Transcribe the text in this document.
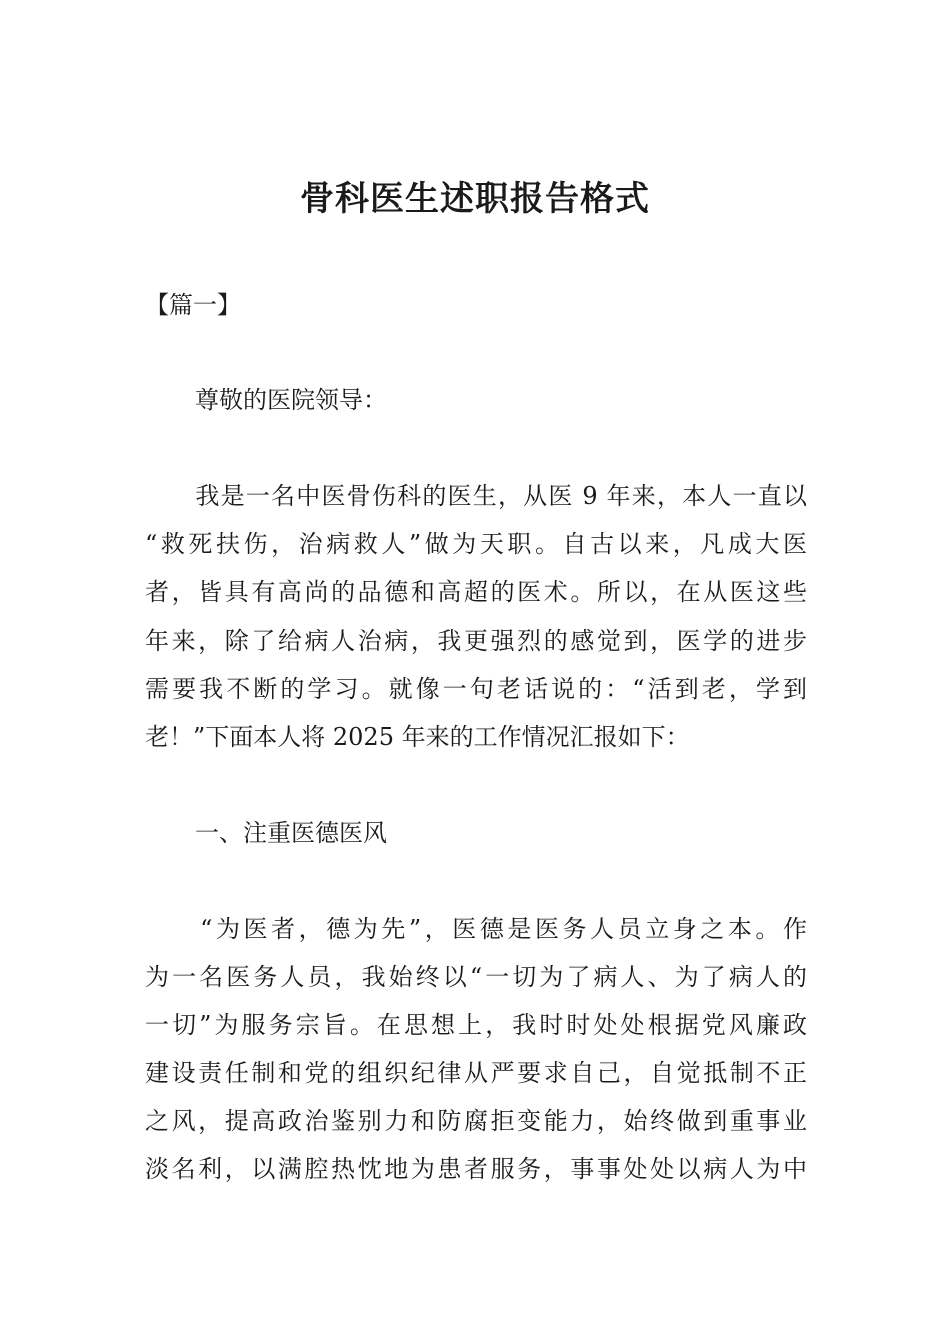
骨科医生述职报告格式
【篇一】
尊敬的医院领导：
　　我是一名中医骨伤科的医生，从医 9 年来，本人一直以
“救死扶伤，治病救人”做为天职。自古以来，凡成大医
者，皆具有高尚的品德和高超的医术。所以，在从医这些
年来，除了给病人治病，我更强烈的感觉到，医学的进步
需要我不断的学习。就像一句老话说的：“活到老，学到
老！”下面本人将 2025 年来的工作情况汇报如下：
一、注重医德医风
　　“为医者，德为先”，医德是医务人员立身之本。作
为一名医务人员，我始终以“一切为了病人、为了病人的
一切”为服务宗旨。在思想上，我时时处处根据党风廉政
建设责任制和党的组织纪律从严要求自己，自觉抵制不正
之风，提高政治鉴别力和防腐拒变能力，始终做到重事业
淡名利，以满腔热忱地为患者服务，事事处处以病人为中
